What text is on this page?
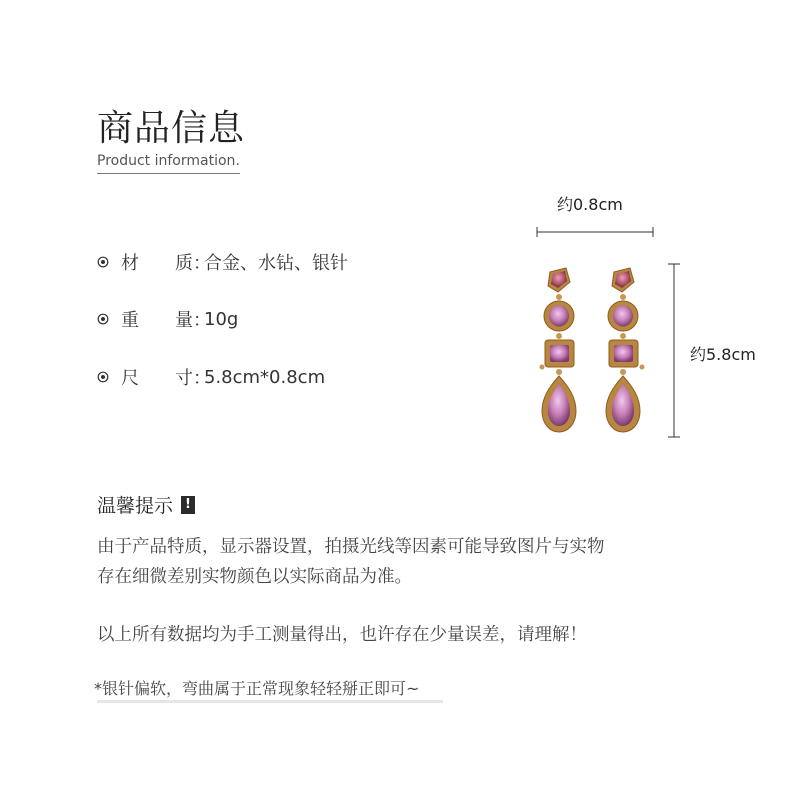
商品信息
Product information.
材　　质：
合金、水钻、银针
重　　量：
10g
尺　　寸：
5.8cm*0.8cm
约0.8cm
约5.8cm
温馨提示 !
由于产品特质，显示器设置，拍摄光线等因素可能导致图片与实物
存在细微差别实物颜色以实际商品为准。
以上所有数据均为手工测量得出，也许存在少量误差，请理解！
*银针偏软，弯曲属于正常现象轻轻掰正即可~
